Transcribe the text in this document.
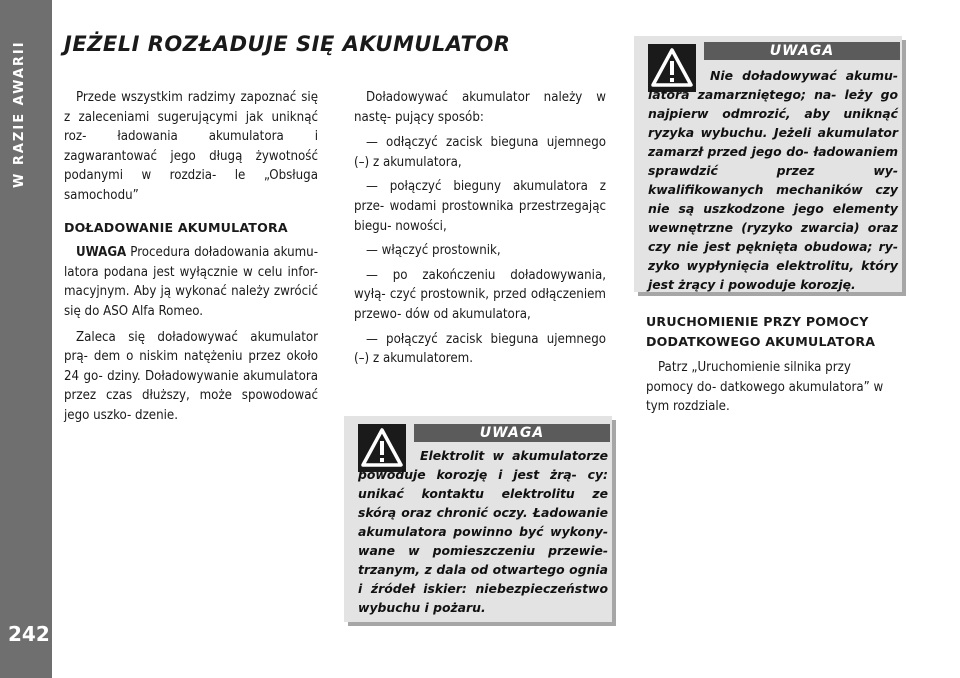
W RAZIE AWARII
242
JEŻELI ROZŁADUJE SIĘ AKUMULATOR

Przede wszystkim radzimy zapoznać się z zaleceniami sugerującymi jak uniknąć roz- ładowania akumulatora i zagwarantować jego długą żywotność podanymi w rozdzia- le „Obsługa samochodu”

DOŁADOWANIE AKUMULATORA

UWAGA Procedura doładowania akumu- latora podana jest wyłącznie w celu infor- macyjnym. Aby ją wykonać należy zwrócić się do ASO Alfa Romeo.

Zaleca się doładowywać akumulator prą- dem o niskim natężeniu przez około 24 go- dziny. Doładowywanie akumulatora przez czas dłuższy, może spowodować jego uszko- dzenie.

Doładowywać akumulator należy w nastę- pujący sposób:

— odłączyć zacisk bieguna ujemnego (–) z akumulatora,

— połączyć bieguny akumulatora z prze- wodami prostownika przestrzegając biegu- nowości,

— włączyć prostownik,

— po zakończeniu doładowywania, wyłą- czyć prostownik, przed odłączeniem przewo- dów od akumulatora,

— połączyć zacisk bieguna ujemnego (–) z akumulatorem.

UWAGA
Nie doładowywać akumu- latora zamarzniętego; na- leży go najpierw odmrozić, aby uniknąć ryzyka wybuchu. Jeżeli akumulator zamarzł przed jego do- ładowaniem sprawdzić przez wy- kwalifikowanych mechaników czy nie są uszkodzone jego elementy wewnętrzne (ryzyko zwarcia) oraz czy nie jest pęknięta obudowa; ry- zyko wypłynięcia elektrolitu, który jest żrący i powoduje korozję.
UWAGA
Elektrolit w akumulatorze powoduje korozję i jest żrą- cy: unikać kontaktu elektrolitu ze skórą oraz chronić oczy. Ładowanie akumulatora powinno być wykony- wane w pomieszczeniu przewie- trzanym, z dala od otwartego ognia i źródeł iskier: niebezpieczeństwo wybuchu i pożaru.
URUCHOMIENIE PRZY POMOCY DODATKOWEGO AKUMULATORA

Patrz „Uruchomienie silnika przy pomocy do- datkowego akumulatora” w tym rozdziale.
